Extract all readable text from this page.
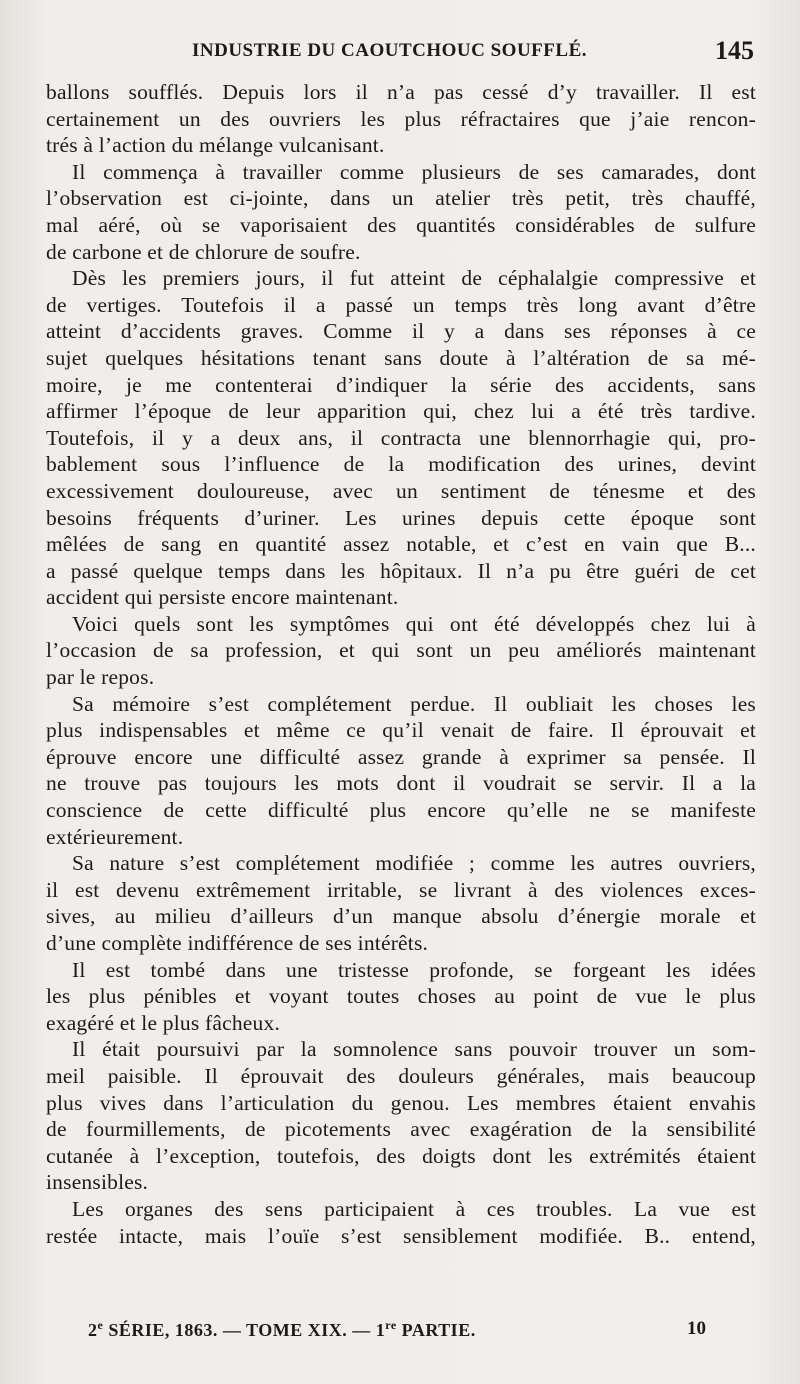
INDUSTRIE DU CAOUTCHOUC SOUFFLÉ.	145

ballons soufflés. Depuis lors il n’a pas cessé d’y travailler. Il est
certainement un des ouvriers les plus réfractaires que j’aie rencon-
trés à l’action du mélange vulcanisant.

Il commença à travailler comme plusieurs de ses camarades, dont
l’observation est ci-jointe, dans un atelier très petit, très chauffé,
mal aéré, où se vaporisaient des quantités considérables de sulfure
de carbone et de chlorure de soufre.

Dès les premiers jours, il fut atteint de céphalalgie compressive et
de vertiges. Toutefois il a passé un temps très long avant d’être
atteint d’accidents graves. Comme il y a dans ses réponses à ce
sujet quelques hésitations tenant sans doute à l’altération de sa mé-
moire, je me contenterai d’indiquer la série des accidents, sans
affirmer l’époque de leur apparition qui, chez lui a été très tardive.
Toutefois, il y a deux ans, il contracta une blennorrhagie qui, pro-
bablement sous l’influence de la modification des urines, devint
excessivement douloureuse, avec un sentiment de ténesme et des
besoins fréquents d’uriner. Les urines depuis cette époque sont
mêlées de sang en quantité assez notable, et c’est en vain que B...
a passé quelque temps dans les hôpitaux. Il n’a pu être guéri de cet
accident qui persiste encore maintenant.

Voici quels sont les symptômes qui ont été développés chez lui à
l’occasion de sa profession, et qui sont un peu améliorés maintenant
par le repos.

Sa mémoire s’est complétement perdue. Il oubliait les choses les
plus indispensables et même ce qu’il venait de faire. Il éprouvait et
éprouve encore une difficulté assez grande à exprimer sa pensée. Il
ne trouve pas toujours les mots dont il voudrait se servir. Il a la
conscience de cette difficulté plus encore qu’elle ne se manifeste
extérieurement.

Sa nature s’est complétement modifiée ; comme les autres ouvriers,
il est devenu extrêmement irritable, se livrant à des violences exces-
sives, au milieu d’ailleurs d’un manque absolu d’énergie morale et
d’une complète indifférence de ses intérêts.

Il est tombé dans une tristesse profonde, se forgeant les idées
les plus pénibles et voyant toutes choses au point de vue le plus
exagéré et le plus fâcheux.

Il était poursuivi par la somnolence sans pouvoir trouver un som-
meil paisible. Il éprouvait des douleurs générales, mais beaucoup
plus vives dans l’articulation du genou. Les membres étaient envahis
de fourmillements, de picotements avec exagération de la sensibilité
cutanée à l’exception, toutefois, des doigts dont les extrémités étaient
insensibles.

Les organes des sens participaient à ces troubles. La vue est
restée intacte, mais l’ouïe s’est sensiblement modifiée. B.. entend,

2e SÉRIE, 1863. — TOME XIX. — 1re PARTIE.	10
